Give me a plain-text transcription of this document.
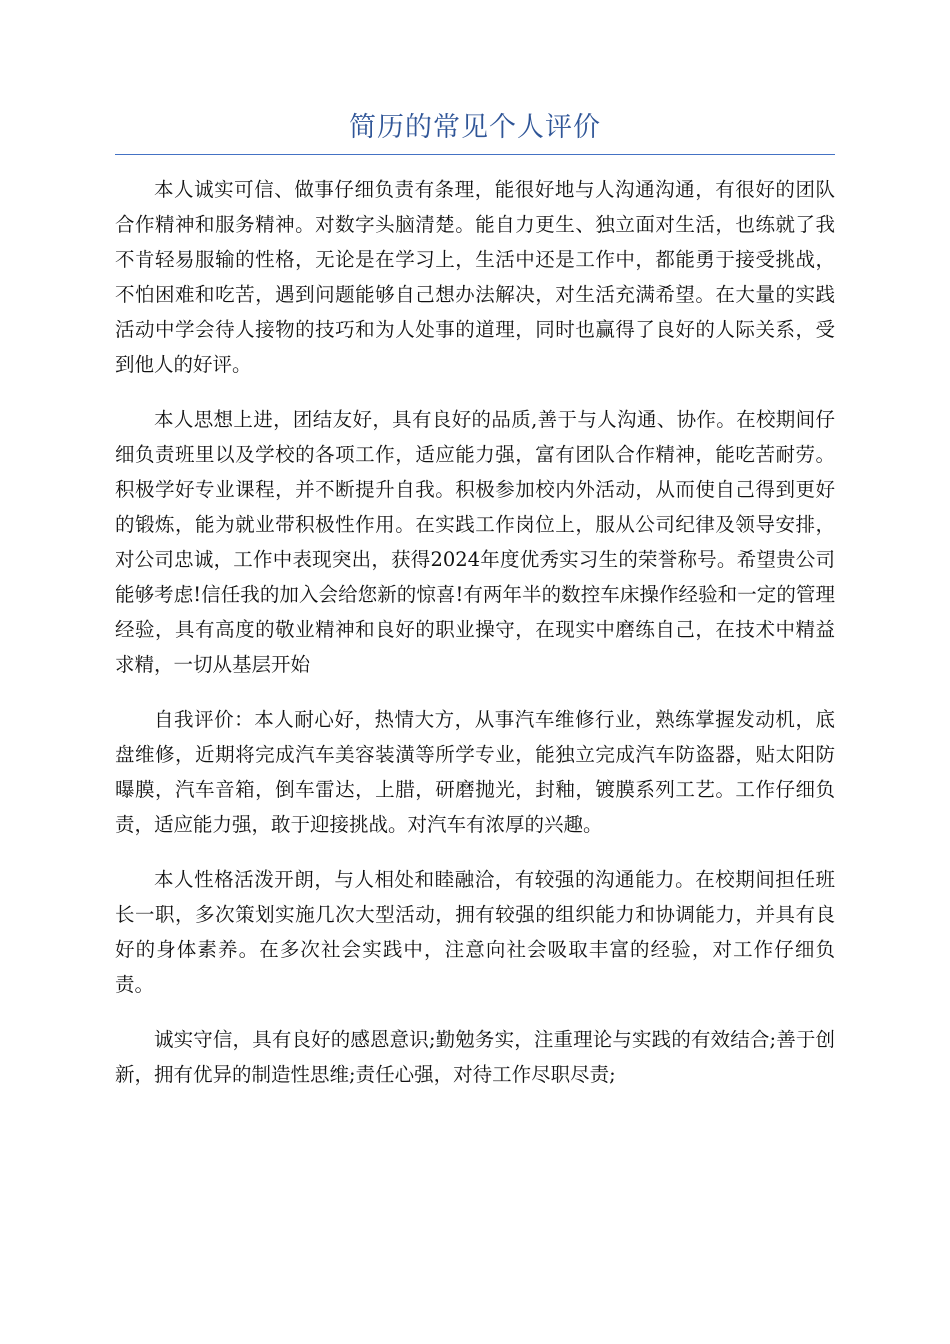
简历的常见个人评价

本人诚实可信、做事仔细负责有条理，能很好地与人沟通沟通，有很好的团队合作精神和服务精神。对数字头脑清楚。能自力更生、独立面对生活，也练就了我不肯轻易服输的性格，无论是在学习上，生活中还是工作中，都能勇于接受挑战，不怕困难和吃苦，遇到问题能够自己想办法解决，对生活充满希望。在大量的实践活动中学会待人接物的技巧和为人处事的道理，同时也赢得了良好的人际关系，受到他人的好评。

本人思想上进，团结友好，具有良好的品质,善于与人沟通、协作。在校期间仔细负责班里以及学校的各项工作，适应能力强，富有团队合作精神，能吃苦耐劳。积极学好专业课程，并不断提升自我。积极参加校内外活动，从而使自己得到更好的锻炼，能为就业带积极性作用。在实践工作岗位上，服从公司纪律及领导安排，对公司忠诚，工作中表现突出，获得2024年度优秀实习生的荣誉称号。希望贵公司能够考虑!信任我的加入会给您新的惊喜!有两年半的数控车床操作经验和一定的管理经验，具有高度的敬业精神和良好的职业操守，在现实中磨练自己，在技术中精益求精，一切从基层开始

自我评价：本人耐心好，热情大方，从事汽车维修行业，熟练掌握发动机，底盘维修，近期将完成汽车美容装潢等所学专业，能独立完成汽车防盗器，贴太阳防曝膜，汽车音箱，倒车雷达，上腊，研磨抛光，封釉，镀膜系列工艺。工作仔细负责，适应能力强，敢于迎接挑战。对汽车有浓厚的兴趣。

本人性格活泼开朗，与人相处和睦融洽，有较强的沟通能力。在校期间担任班长一职，多次策划实施几次大型活动，拥有较强的组织能力和协调能力，并具有良好的身体素养。在多次社会实践中，注意向社会吸取丰富的经验，对工作仔细负责。

诚实守信，具有良好的感恩意识;勤勉务实，注重理论与实践的有效结合;善于创新，拥有优异的制造性思维;责任心强，对待工作尽职尽责;
